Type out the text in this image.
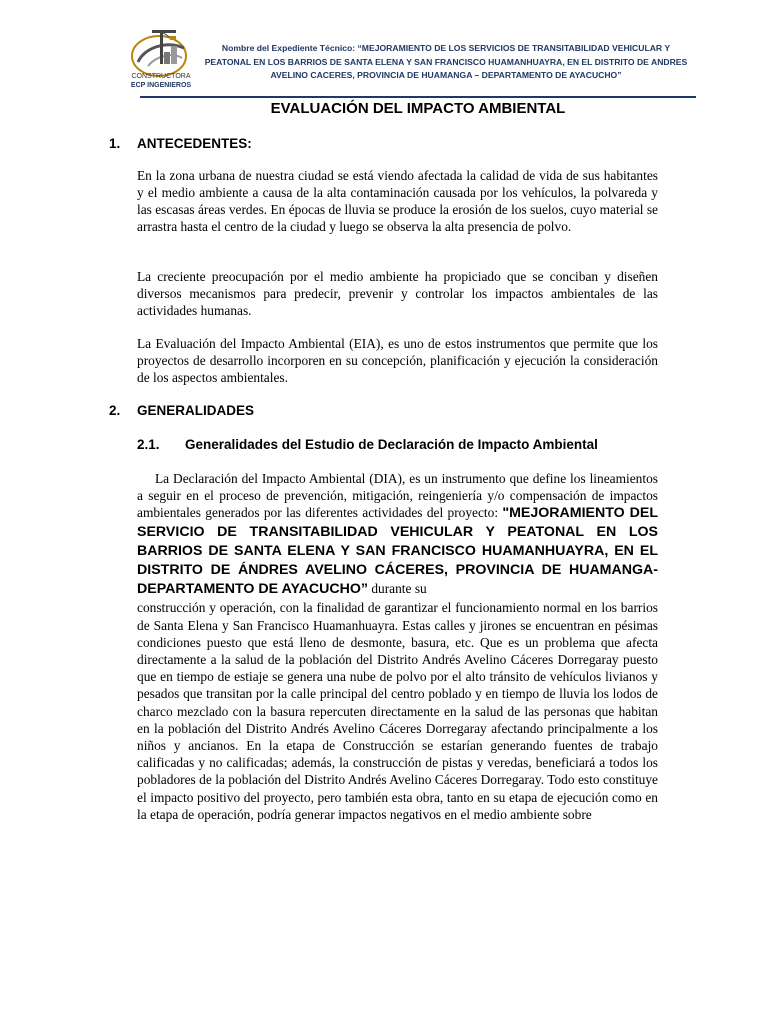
CONSTRUCTORA
ECP INGENIEROS
Nombre del Expediente Técnico: “MEJORAMIENTO DE LOS SERVICIOS DE TRANSITABILIDAD VEHICULAR Y PEATONAL EN LOS BARRIOS DE SANTA ELENA Y SAN FRANCISCO HUAMANHUAYRA, EN EL DISTRITO DE ANDRES AVELINO CACERES, PROVINCIA DE HUAMANGA – DEPARTAMENTO DE AYACUCHO”
EVALUACIÓN DEL IMPACTO AMBIENTAL
1. ANTECEDENTES:

En la zona urbana de nuestra ciudad se está viendo afectada la calidad de vida de sus habitantes y el medio ambiente a causa de la alta contaminación causada por los vehículos, la polvareda y las escasas áreas verdes. En épocas de lluvia se produce la erosión de los suelos, cuyo material se arrastra hasta el centro de la ciudad y luego se observa la alta presencia de polvo.

La creciente preocupación por el medio ambiente ha propiciado que se conciban y diseñen diversos mecanismos para predecir, prevenir y controlar los impactos ambientales de las actividades humanas.

La Evaluación del Impacto Ambiental (EIA), es uno de estos instrumentos que permite que los proyectos de desarrollo incorporen en su concepción, planificación y ejecución la consideración de los aspectos ambientales.

2. GENERALIDADES
2.1. Generalidades del Estudio de Declaración de Impacto Ambiental

La Declaración del Impacto Ambiental (DIA), es un instrumento que define los lineamientos a seguir en el proceso de prevención, mitigación, reingeniería y/o compensación de impactos ambientales generados por las diferentes actividades del proyecto: "MEJORAMIENTO DEL SERVICIO DE TRANSITABILIDAD VEHICULAR Y PEATONAL EN LOS BARRIOS DE SANTA ELENA Y SAN FRANCISCO HUAMANHUAYRA, EN EL DISTRITO DE ÁNDRES AVELINO CÁCERES, PROVINCIA DE HUAMANGA- DEPARTAMENTO DE AYACUCHO” durante su
construcción y operación, con la finalidad de garantizar el funcionamiento normal en los barrios de Santa Elena y San Francisco Huamanhuayra. Estas calles y jirones se encuentran en pésimas condiciones puesto que está lleno de desmonte, basura, etc. Que es un problema que afecta directamente a la salud de la población del Distrito Andrés Avelino Cáceres Dorregaray puesto que en tiempo de estiaje se genera una nube de polvo por el alto tránsito de vehículos livianos y pesados que transitan por la calle principal del centro poblado y en tiempo de lluvia los lodos de charco mezclado con la basura repercuten directamente en la salud de las personas que habitan en la población del Distrito Andrés Avelino Cáceres Dorregaray afectando principalmente a los niños y ancianos. En la etapa de Construcción se estarían generando fuentes de trabajo calificadas y no calificadas; además, la construcción de pistas y veredas, beneficiará a todos los pobladores de la población del Distrito Andrés Avelino Cáceres Dorregaray. Todo esto constituye el impacto positivo del proyecto, pero también esta obra, tanto en su etapa de ejecución como en la etapa de operación, podría generar impactos negativos en el medio ambiente sobre
